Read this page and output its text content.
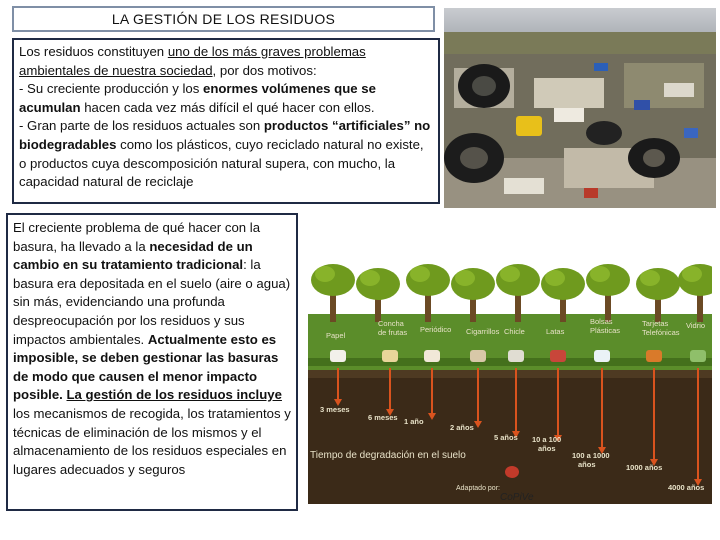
LA GESTIÓN DE LOS RESIDUOS
Los residuos constituyen uno de los más graves problemas ambientales de nuestra sociedad, por dos motivos:
- Su creciente producción y los enormes volúmenes que se acumulan hacen cada vez más difícil el qué hacer con ellos.
- Gran parte de los residuos actuales son productos “artificiales” no biodegradables como los plásticos, cuyo reciclado natural no existe, o productos cuya descomposición natural supera, con mucho, la capacidad natural de reciclaje
El creciente problema de qué hacer con la basura, ha llevado a la necesidad de un cambio en su tratamiento tradicional: la basura era depositada en el suelo (aire o agua) sin más, evidenciando una profunda despreocupación por los residuos y sus impactos ambientales. Actualmente esto es imposible, se deben gestionar las basuras de modo que causen el menor impacto posible. La gestión de los residuos incluye los mecanismos de recogida, los tratamientos y técnicas de eliminación de los mismos y el almacenamiento de los residuos especiales en lugares adecuados y seguros
Papel
Concha de frutas Periódico Cigarrillos Chicle	Latas
Bolsas Plásticas
Tarjetas Telefónicas
Vidrio
3 meses
6 meses 1 año
2 años
5 años 10 a 100 años
100 a 1000 años	1000 años
4000 años
Tiempo de degradación en el suelo
Adaptado por:
CoPiVe
